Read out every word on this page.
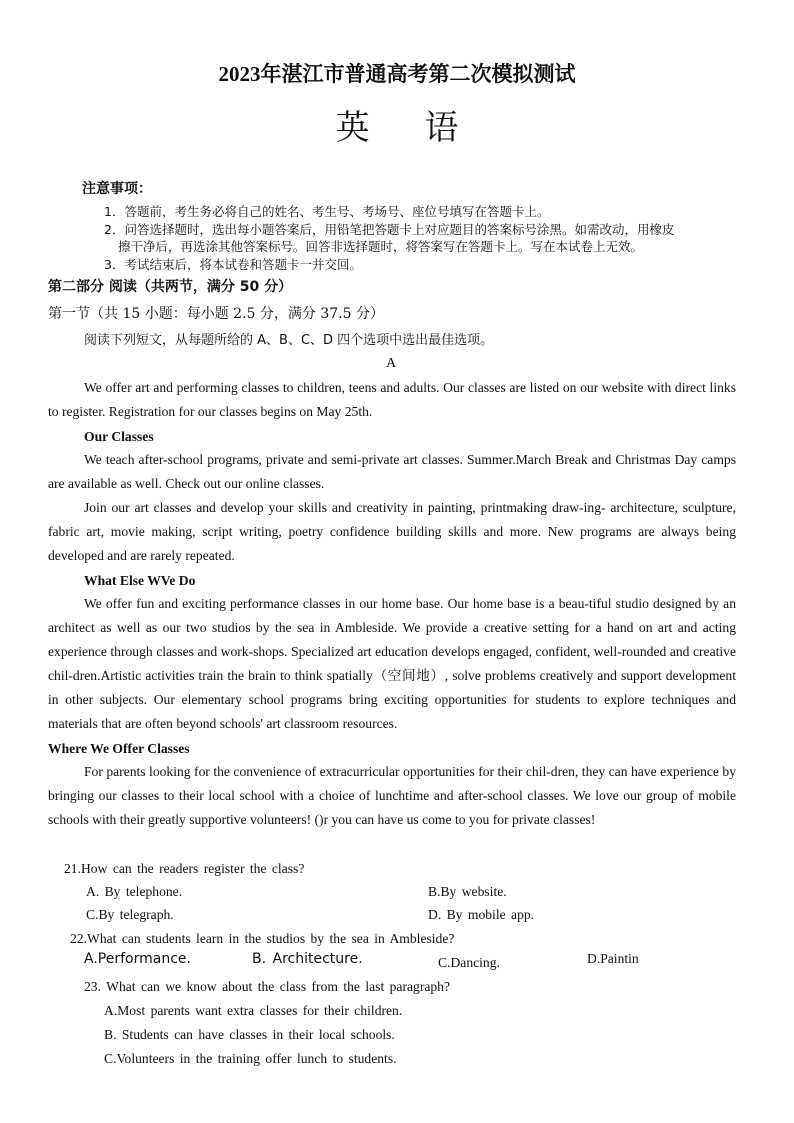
2023年湛江市普通高考第二次模拟测试
英 语
注意事项：
1．答题前，考生务必将自己的姓名、考生号、考场号、座位号填写在答题卡上。
2．问答选择题时，选出每小题答案后，用铅笔把答题卡上对应题目的答案标号涂黑。如需改动，用橡皮
擦干净后，再选涂其他答案标号。回答非选择题时，将答案写在答题卡上。写在本试卷上无效。
3．考试结束后，将本试卷和答题卡一并交回。
第二部分 阅读（共两节，满分 50 分）
第一节（共 15 小题：每小题 2.5 分，满分 37.5 分）
阅读下列短文，从每题所给的 A、B、C、D 四个选项中选出最佳选项。
A

We offer art and performing classes to children, teens and adults. Our classes are listed on our website with direct links to register. Registration for our classes begins on May 25th.

Our Classes

We teach after-school programs, private and semi-private art classes. Summer.March Break and Christmas Day camps are available as well. Check out our online classes.

Join our art classes and develop your skills and creativity in painting, printmaking draw-ing- architecture, sculpture, fabric art, movie making, script writing, poetry confidence building skills and more. New programs are always being developed and are rarely repeated.

What Else WVe Do

We offer fun and exciting performance classes in our home base. Our home base is a beau-tiful studio designed by an architect as well as our two studios by the sea in Ambleside. We provide a creative setting for a hand on art and acting experience through classes and work-shops. Specialized art education develops engaged, confident, well-rounded and creative chil-dren.Artistic activities train the brain to think spatially（空间地）, solve problems creatively and support development in other subjects. Our elementary school programs bring exciting opportunities for students to explore techniques and materials that are often beyond schools' art classroom resources.

Where We Offer Classes

For parents looking for the convenience of extracurricular opportunities for their chil-dren, they can have experience by bringing our classes to their local school with a choice of lunchtime and after-school classes. We love our group of mobile schools with their greatly supportive volunteers! ()r you can have us come to you for private classes!

21.How can the readers register the class?
A. By telephone.	B.By website.
C.By telegraph.	D. By mobile app.
22.What can students learn in the studios by the sea in Ambleside?
A.Performance.	B. Architecture.	C.Dancing.	D.Paintin
23. What can we know about the class from the last paragraph?
A.Most parents want extra classes for their children.
B. Students can have classes in their local schools.
C.Volunteers in the training offer lunch to students.
